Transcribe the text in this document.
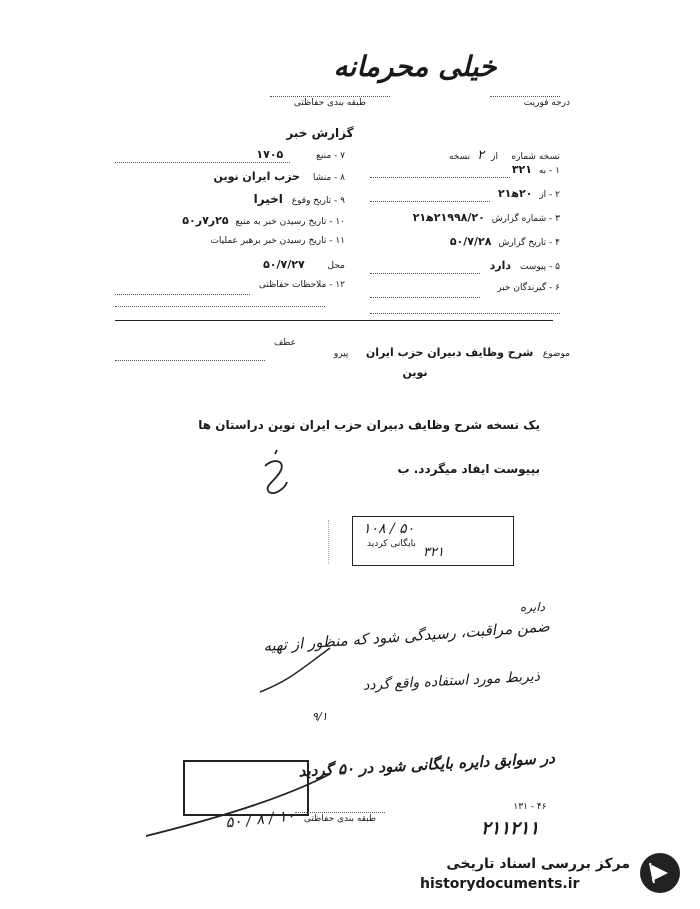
خیلی محرمانه
طبقه بندی حفاظتی	درجه فوریت
گزارش خبر
نسخه شماره    از  ۲  نسخه
۱ - به ۳۲۱
۲ - از ۲۰ه‍۲۱
۳ - شماره گزارش ۲۱۹۹۸/۲۰ه‍۲۱
۴ - تاریخ گزارش ۵۰/۷/۲۸
۵ - پیوست دارد
۶ - گیرندگان خبر
۷ - منبع ۱۷۰۵
۸ - منشا حزب ایران نوین
۹ - تاریخ وقوع اخیرا
۱۰ - تاریخ رسیدن خبر به منبع ۲۵ر۷ر۵۰
۱۱ - تاریخ رسیدن خبر برهبر عملیات
محل ۵۰/۷/۲۷
۱۲ - ملاحظات حفاظتی
عطف
موضوع شرح وظایف دبیران حزب ایران پیرو
نوین
یک نسخه شرح وظایف دبیران حزب ایران نوین دراستان ها
بپیوست ایفاد میگردد. ب
۱۰۸ / ۵۰
بایگانی کردید
۳۲۱
دایره
ضمن مراقبت، رسیدگی شود که منظور از تهیه
ذیربط مورد استفاده واقع گردد
۹/۱
در سوابق دایره بایگانی شود در ۵۰ گردید
۵۰ / ۸ / ۱۰ طبقه بندی حفاظتی
۱۳۱ - ۴۶
۲۱۱۲۱۱
مرکز بررسی اسناد تاریخی
historydocuments.ir
